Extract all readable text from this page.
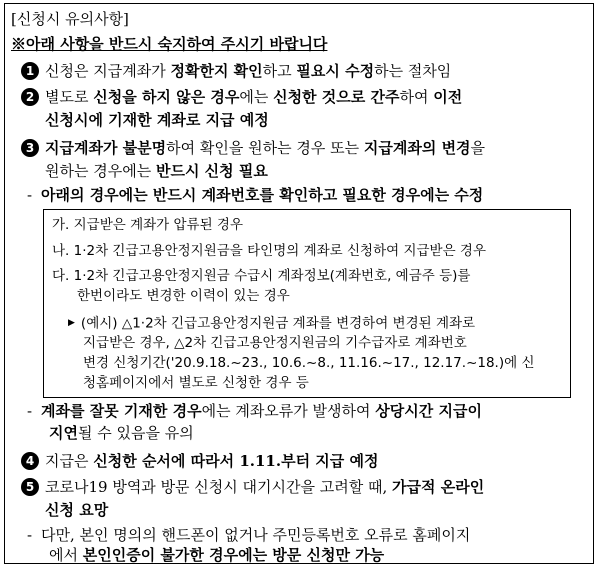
[신청시 유의사항]
※아래 사항을 반드시 숙지하여 주시기 바랍니다
1 신청은 지급계좌가 정확한지 확인하고 필요시 수정하는 절차임
2 별도로 신청을 하지 않은 경우에는 신청한 것으로 간주하여 이전
신청시에 기재한 계좌로 지급 예정
3 지급계좌가 불분명하여 확인을 원하는 경우 또는 지급계좌의 변경을
원하는 경우에는 반드시 신청 필요
- 아래의 경우에는 반드시 계좌번호를 확인하고 필요한 경우에는 수정
가. 지급받은 계좌가 압류된 경우
나. 1·2차 긴급고용안정지원금을 타인명의 계좌로 신청하여 지급받은 경우
다. 1·2차 긴급고용안정지원금 수급시 계좌정보(계좌번호, 예금주 등)를
한번이라도 변경한 이력이 있는 경우
▶ (예시) △1·2차 긴급고용안정지원금 계좌를 변경하여 변경된 계좌로
지급받은 경우, △2차 긴급고용안정지원금의 기수급자로 계좌번호
변경 신청기간('20.9.18.~23., 10.6.~8., 11.16.~17., 12.17.~18.)에 신
청홈페이지에서 별도로 신청한 경우 등
- 계좌를 잘못 기재한 경우에는 계좌오류가 발생하여 상당시간 지급이
지연될 수 있음을 유의
4 지급은 신청한 순서에 따라서 1.11.부터 지급 예정
5 코로나19 방역과 방문 신청시 대기시간을 고려할 때, 가급적 온라인
신청 요망
- 다만, 본인 명의의 핸드폰이 없거나 주민등록번호 오류로 홈페이지
에서 본인인증이 불가한 경우에는 방문 신청만 가능
